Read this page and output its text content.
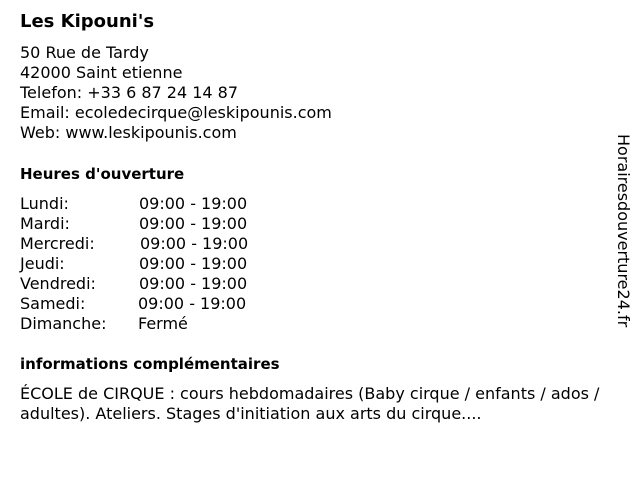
Les Kipouni's
50 Rue de Tardy
42000 Saint etienne
Telefon: +33 6 87 24 14 87
Email: ecoledecirque@leskipounis.com
Web: www.leskipounis.com
Heures d'ouverture
Lundi:	09:00 - 19:00
Mardi:	09:00 - 19:00
Mercredi:	09:00 - 19:00
Jeudi:	09:00 - 19:00
Vendredi:	09:00 - 19:00
Samedi:	09:00 - 19:00
Dimanche: Fermé
informations complémentaires
ÉCOLE de CIRQUE : cours hebdomadaires (Baby cirque / enfants / ados / adultes). Ateliers. Stages d'initiation aux arts du cirque....
Horairesdouverture24.fr
